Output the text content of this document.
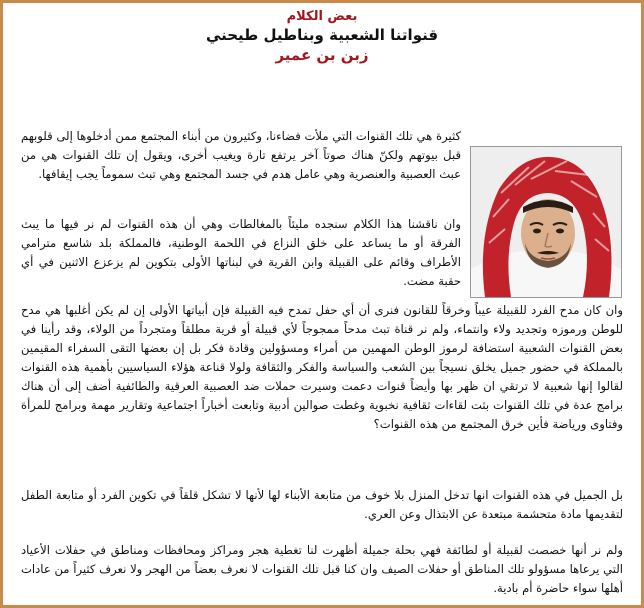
بعض الكلام
قنواتنا الشعبية وبناطيل طيحني
زبن بن عمير

كثيرة هي تلك القنوات التي ملأت فضاءنا، وكثيرون من أبناء المجتمع ممن أدخلوها إلى قلوبهم قبل بيوتهم ولكنّ هناك صوتاً آخر يرتفع تارة ويغيب أخرى، ويقول إن تلك القنوات هي من عبث العصبية والعنصرية وهي عامل هدم في جسد المجتمع وهي تبث سموماً يجب إيقافها.

وان ناقشنا هذا الكلام سنجده مليئاً بالمغالطات وهي أن هذه القنوات لم نر فيها ما يبث الفرقة أو ما يساعد على خلق النزاع في اللحمة الوطنية، فالمملكة بلد شاسع مترامي الأطراف وقائم على القبيلة وابن القرية في لبناتها الأولى بتكوين لم يزعزع الاثنين في أي حقبة مضت.

وان كان مدح الفرد للقبيلة عيباً وخرقاً للقانون فنرى أن أي حفل تمدح فيه القبيلة فإن أبياتها الأولى إن لم يكن أغلبها هي مدح للوطن ورموزه وتجديد ولاء وانتماء، ولم نر قناة تبث مدحاً ممجوجاً لأي قبيلة أو قرية مطلقاً ومتجرداً من الولاء، وقد رأينا في بعض القنوات الشعبية استضافة لرموز الوطن المهمين من أمراء ومسؤولين وقادة فكر بل إن بعضها التقى السفراء المقيمين بالمملكة في حضور جميل يخلق نسيجاً بين الشعب والسياسة والفكر والثقافة ولولا قناعة هؤلاء السياسيين بأهمية هذه القنوات لقالوا إنها شعبية لا ترتقي ان ظهر بها وأيضاً قنوات دعمت وسيرت حملات ضد العصبية العرقية والطائفية أضف إلى أن هناك برامج عدة في تلك القنوات بثت لقاءات ثقافية نخبوية وغطت صوالين أدبية وتابعت أخباراً اجتماعية وتقارير مهمة وبرامج للمرأة وفتاوى ورياضة فأين خرق المجتمع من هذه القنوات؟

بل الجميل في هذه القنوات انها تدخل المنزل بلا خوف من متابعة الأبناء لها لأنها لا تشكل قلقاً في تكوين الفرد أو متابعة الطفل لتقديمها مادة متحشمة مبتعدة عن الابتذال وعن العري.

ولم نر أنها خصصت لقبيلة أو لطائفة فهي بحلة جميلة أظهرت لنا تغطية هجر ومراكز ومحافظات ومناطق في حفلات الأعياد التي يرعاها مسؤولو تلك المناطق أو حفلات الصيف وان كنا قبل تلك القنوات لا نعرف بعضاً من الهجر ولا نعرف كثيراً من عادات أهلها سواء حاضرة أم بادية.
